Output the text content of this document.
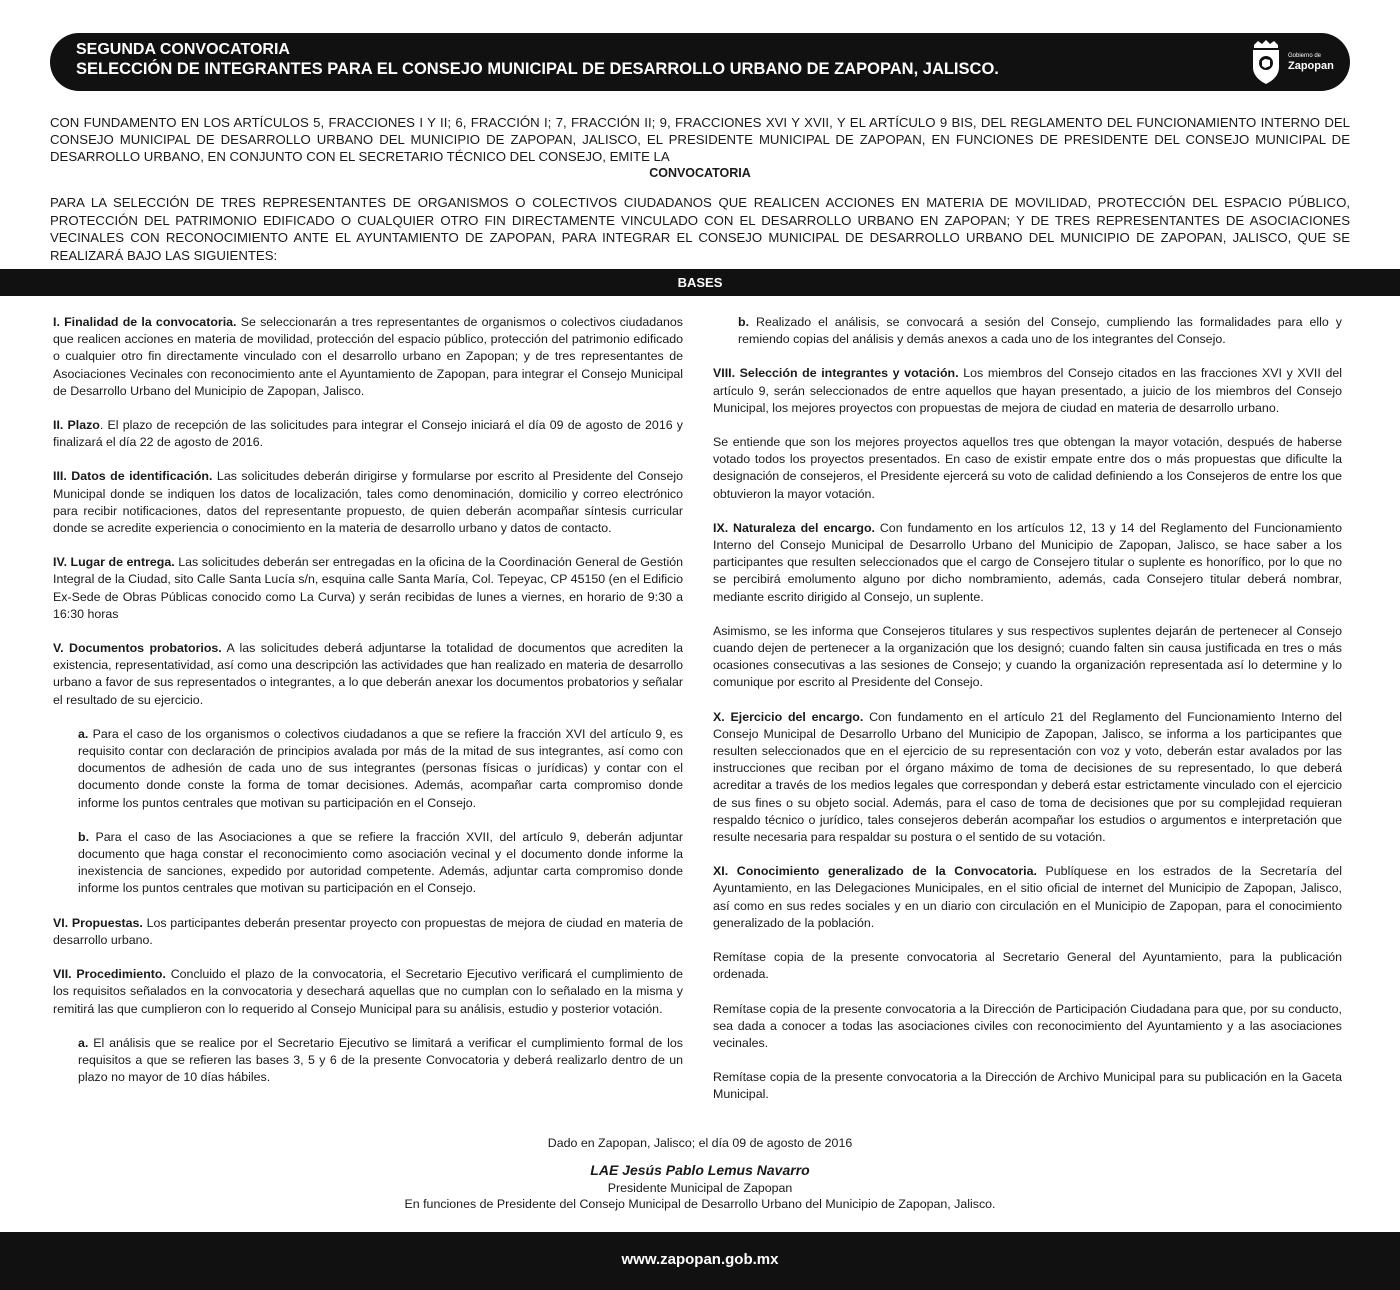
SEGUNDA CONVOCATORIA
SELECCIÓN DE INTEGRANTES PARA EL CONSEJO MUNICIPAL DE DESARROLLO URBANO DE ZAPOPAN, JALISCO.
Gobierno de
Zapopan
CON FUNDAMENTO EN LOS ARTÍCULOS 5, FRACCIONES I Y II; 6, FRACCIÓN I; 7, FRACCIÓN II; 9, FRACCIONES XVI Y XVII, Y EL ARTÍCULO 9 BIS, DEL REGLAMENTO DEL FUNCIONAMIENTO INTERNO DEL CONSEJO MUNICIPAL DE DESARROLLO URBANO DEL MUNICIPIO DE ZAPOPAN, JALISCO, EL PRESIDENTE MUNICIPAL DE ZAPOPAN, EN FUNCIONES DE PRESIDENTE DEL CONSEJO MUNICIPAL DE DESARROLLO URBANO, EN CONJUNTO CON EL SECRETARIO TÉCNICO DEL CONSEJO, EMITE LA
CONVOCATORIA
PARA LA SELECCIÓN DE TRES REPRESENTANTES DE ORGANISMOS O COLECTIVOS CIUDADANOS QUE REALICEN ACCIONES EN MATERIA DE MOVILIDAD, PROTECCIÓN DEL ESPACIO PÚBLICO, PROTECCIÓN DEL PATRIMONIO EDIFICADO O CUALQUIER OTRO FIN DIRECTAMENTE VINCULADO CON EL DESARROLLO URBANO EN ZAPOPAN; Y DE TRES REPRESENTANTES DE ASOCIACIONES VECINALES CON RECONOCIMIENTO ANTE EL AYUNTAMIENTO DE ZAPOPAN, PARA INTEGRAR EL CONSEJO MUNICIPAL DE DESARROLLO URBANO DEL MUNICIPIO DE ZAPOPAN, JALISCO, QUE SE REALIZARÁ BAJO LAS SIGUIENTES:
BASES

I. Finalidad de la convocatoria. Se seleccionarán a tres representantes de organismos o colectivos ciudadanos que realicen acciones en materia de movilidad, protección del espacio público, protección del patrimonio edificado o cualquier otro fin directamente vinculado con el desarrollo urbano en Zapopan; y de tres representantes de Asociaciones Vecinales con reconocimiento ante el Ayuntamiento de Zapopan, para integrar el Consejo Municipal de Desarrollo Urbano del Municipio de Zapopan, Jalisco.

II. Plazo. El plazo de recepción de las solicitudes para integrar el Consejo iniciará el día 09 de agosto de 2016 y finalizará el día 22 de agosto de 2016.

III. Datos de identificación. Las solicitudes deberán dirigirse y formularse por escrito al Presidente del Consejo Municipal donde se indiquen los datos de localización, tales como denominación, domicilio y correo electrónico para recibir notificaciones, datos del representante propuesto, de quien deberán acompañar síntesis curricular donde se acredite experiencia o conocimiento en la materia de desarrollo urbano y datos de contacto.

IV. Lugar de entrega. Las solicitudes deberán ser entregadas en la oficina de la Coordinación General de Gestión Integral de la Ciudad, sito Calle Santa Lucía s/n, esquina calle Santa María, Col. Tepeyac, CP 45150 (en el Edificio Ex-Sede de Obras Públicas conocido como La Curva) y serán recibidas de lunes a viernes, en horario de 9:30 a 16:30 horas

V. Documentos probatorios. A las solicitudes deberá adjuntarse la totalidad de documentos que acrediten la existencia, representatividad, así como una descripción las actividades que han realizado en materia de desarrollo urbano a favor de sus representados o integrantes, a lo que deberán anexar los documentos probatorios y señalar el resultado de su ejercicio.

a. Para el caso de los organismos o colectivos ciudadanos a que se refiere la fracción XVI del artículo 9, es requisito contar con declaración de principios avalada por más de la mitad de sus integrantes, así como con documentos de adhesión de cada uno de sus integrantes (personas físicas o jurídicas) y contar con el documento donde conste la forma de tomar decisiones. Además, acompañar carta compromiso donde informe los puntos centrales que motivan su participación en el Consejo.

b. Para el caso de las Asociaciones a que se refiere la fracción XVII, del artículo 9, deberán adjuntar documento que haga constar el reconocimiento como asociación vecinal y el documento donde informe la inexistencia de sanciones, expedido por autoridad competente. Además, adjuntar carta compromiso donde informe los puntos centrales que motivan su participación en el Consejo.

VI. Propuestas. Los participantes deberán presentar proyecto con propuestas de mejora de ciudad en materia de desarrollo urbano.

VII. Procedimiento. Concluido el plazo de la convocatoria, el Secretario Ejecutivo verificará el cumplimiento de los requisitos señalados en la convocatoria y desechará aquellas que no cumplan con lo señalado en la misma y remitirá las que cumplieron con lo requerido al Consejo Municipal para su análisis, estudio y posterior votación.

a. El análisis que se realice por el Secretario Ejecutivo se limitará a verificar el cumplimiento formal de los requisitos a que se refieren las bases 3, 5 y 6 de la presente Convocatoria y deberá realizarlo dentro de un plazo no mayor de 10 días hábiles.

b. Realizado el análisis, se convocará a sesión del Consejo, cumpliendo las formalidades para ello y remiendo copias del análisis y demás anexos a cada uno de los integrantes del Consejo.

VIII. Selección de integrantes y votación. Los miembros del Consejo citados en las fracciones XVI y XVII del artículo 9, serán seleccionados de entre aquellos que hayan presentado, a juicio de los miembros del Consejo Municipal, los mejores proyectos con propuestas de mejora de ciudad en materia de desarrollo urbano.

Se entiende que son los mejores proyectos aquellos tres que obtengan la mayor votación, después de haberse votado todos los proyectos presentados. En caso de existir empate entre dos o más propuestas que dificulte la designación de consejeros, el Presidente ejercerá su voto de calidad definiendo a los Consejeros de entre los que obtuvieron la mayor votación.

IX. Naturaleza del encargo. Con fundamento en los artículos 12, 13 y 14 del Reglamento del Funcionamiento Interno del Consejo Municipal de Desarrollo Urbano del Municipio de Zapopan, Jalisco, se hace saber a los participantes que resulten seleccionados que el cargo de Consejero titular o suplente es honorífico, por lo que no se percibirá emolumento alguno por dicho nombramiento, además, cada Consejero titular deberá nombrar, mediante escrito dirigido al Consejo, un suplente.

Asimismo, se les informa que Consejeros titulares y sus respectivos suplentes dejarán de pertenecer al Consejo cuando dejen de pertenecer a la organización que los designó; cuando falten sin causa justificada en tres o más ocasiones consecutivas a las sesiones de Consejo; y cuando la organización representada así lo determine y lo comunique por escrito al Presidente del Consejo.

X. Ejercicio del encargo. Con fundamento en el artículo 21 del Reglamento del Funcionamiento Interno del Consejo Municipal de Desarrollo Urbano del Municipio de Zapopan, Jalisco, se informa a los participantes que resulten seleccionados que en el ejercicio de su representación con voz y voto, deberán estar avalados por las instrucciones que reciban por el órgano máximo de toma de decisiones de su representado, lo que deberá acreditar a través de los medios legales que correspondan y deberá estar estrictamente vinculado con el ejercicio de sus fines o su objeto social. Además, para el caso de toma de decisiones que por su complejidad requieran respaldo técnico o jurídico, tales consejeros deberán acompañar los estudios o argumentos e interpretación que resulte necesaria para respaldar su postura o el sentido de su votación.

XI. Conocimiento generalizado de la Convocatoria. Publíquese en los estrados de la Secretaría del Ayuntamiento, en las Delegaciones Municipales, en el sitio oficial de internet del Municipio de Zapopan, Jalisco, así como en sus redes sociales y en un diario con circulación en el Municipio de Zapopan, para el conocimiento generalizado de la población.

Remítase copia de la presente convocatoria al Secretario General del Ayuntamiento, para la publicación ordenada.

Remítase copia de la presente convocatoria a la Dirección de Participación Ciudadana para que, por su conducto, sea dada a conocer a todas las asociaciones civiles con reconocimiento del Ayuntamiento y a las asociaciones vecinales.

Remítase copia de la presente convocatoria a la Dirección de Archivo Municipal para su publicación en la Gaceta Municipal.

Dado en Zapopan, Jalisco; el día 09 de agosto de 2016
LAE Jesús Pablo Lemus Navarro
Presidente Municipal de Zapopan
En funciones de Presidente del Consejo Municipal de Desarrollo Urbano del Municipio de Zapopan, Jalisco.
www.zapopan.gob.mx
